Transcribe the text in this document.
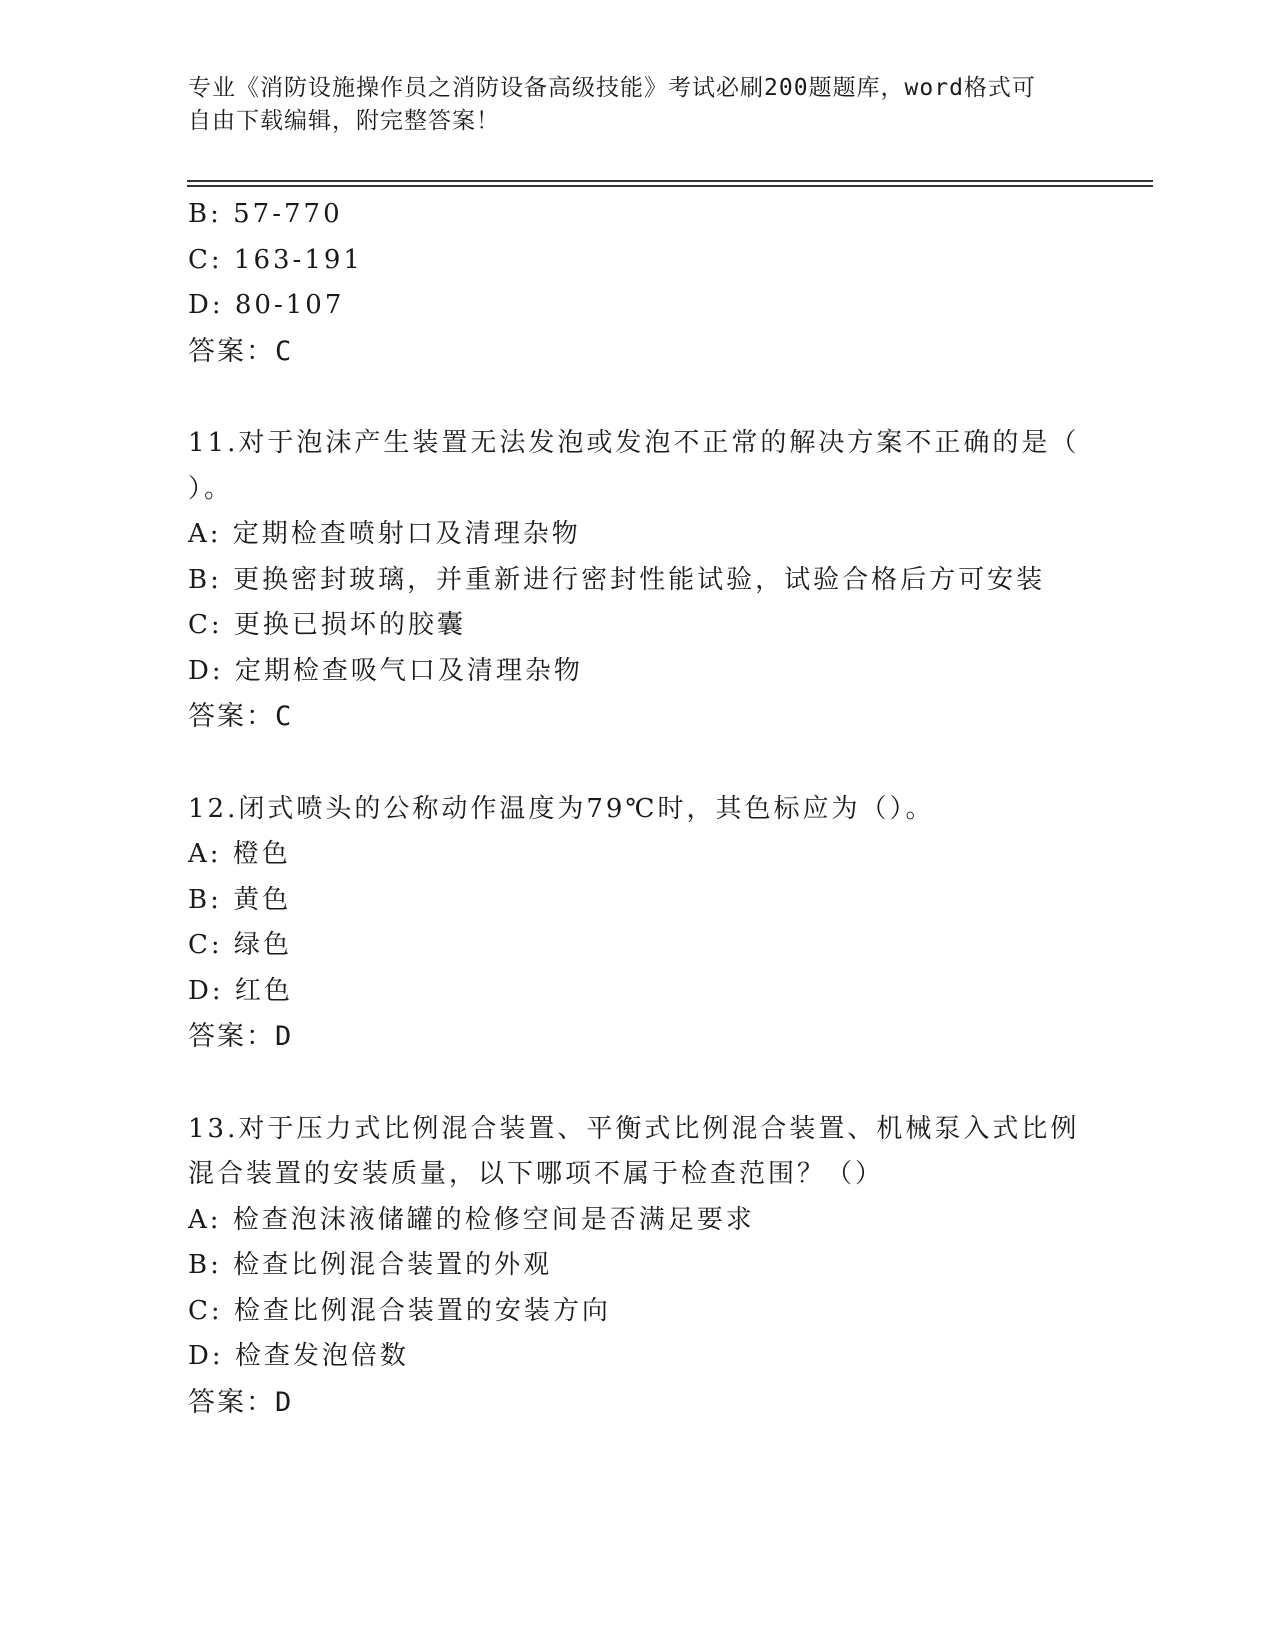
专业《消防设施操作员之消防设备高级技能》考试必刷200题题库，word格式可
自由下载编辑，附完整答案！
B: 57-770
C: 163-191
D: 80-107
答案：C
11.对于泡沫产生装置无法发泡或发泡不正常的解决方案不正确的是（
）。
A: 定期检查喷射口及清理杂物
B: 更换密封玻璃，并重新进行密封性能试验，试验合格后方可安装
C: 更换已损坏的胶囊
D: 定期检查吸气口及清理杂物
答案：C
12.闭式喷头的公称动作温度为79℃时，其色标应为（）。
A: 橙色
B: 黄色
C: 绿色
D: 红色
答案：D
13.对于压力式比例混合装置、平衡式比例混合装置、机械泵入式比例
混合装置的安装质量，以下哪项不属于检查范围？（）
A: 检查泡沫液储罐的检修空间是否满足要求
B: 检查比例混合装置的外观
C: 检查比例混合装置的安装方向
D: 检查发泡倍数
答案：D
